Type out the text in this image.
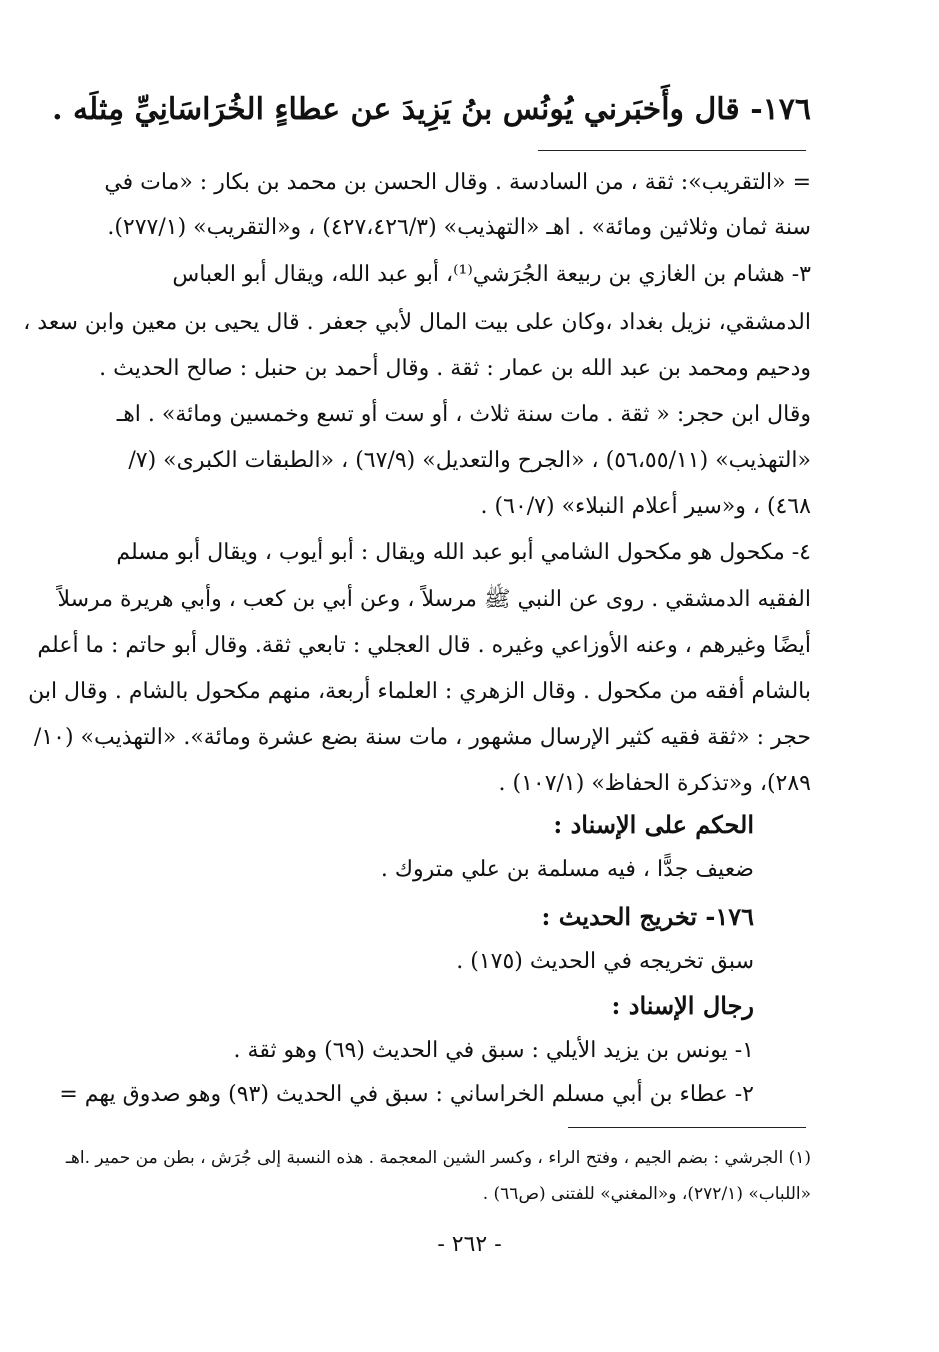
١٧٦- قال وأَخبَرني يُونُس بنُ يَزِيدَ عن عطاءٍ الخُرَاسَانِيِّ مِثلَه .
= «التقريب»: ثقة ، من السادسة . وقال الحسن بن محمد بن بكار : «مات في
سنة ثمان وثلاثين ومائة» . اهـ «التهذيب» (٤٢٧،٤٢٦/٣) ، و«التقريب» (٢٧٧/١).
٣- هشام بن الغازي بن ربيعة الجُرَشي⁽¹⁾، أبو عبد الله، ويقال أبو العباس
الدمشقي، نزيل بغداد ،وكان على بيت المال لأبي جعفر . قال يحيى بن معين وابن سعد ،
ودحيم ومحمد بن عبد الله بن عمار : ثقة . وقال أحمد بن حنبل : صالح الحديث .
وقال ابن حجر: « ثقة . مات سنة ثلاث ، أو ست أو تسع وخمسين ومائة» . اهـ
«التهذيب» (٥٦،٥٥/١١) ، «الجرح والتعديل» (٦٧/٩) ، «الطبقات الكبرى» (٧/
٤٦٨) ، و«سير أعلام النبلاء» (٦٠/٧) .
٤- مكحول هو مكحول الشامي أبو عبد الله ويقال : أبو أيوب ، ويقال أبو مسلم
الفقيه الدمشقي . روى عن النبي ﷺ مرسلاً ، وعن أبي بن كعب ، وأبي هريرة مرسلاً
أيضًا وغيرهم ، وعنه الأوزاعي وغيره . قال العجلي : تابعي ثقة. وقال أبو حاتم : ما أعلم
بالشام أفقه من مكحول . وقال الزهري : العلماء أربعة، منهم مكحول بالشام . وقال ابن
حجر : «ثقة فقيه كثير الإرسال مشهور ، مات سنة بضع عشرة ومائة». «التهذيب» (١٠/
٢٨٩)، و«تذكرة الحفاظ» (١٠٧/١) .
الحكم على الإسناد :
ضعيف جدًّا ، فيه مسلمة بن علي متروك .
١٧٦- تخريج الحديث :
سبق تخريجه في الحديث (١٧٥) .
رجال الإسناد :
١- يونس بن يزيد الأيلي : سبق في الحديث (٦٩) وهو ثقة .
٢- عطاء بن أبي مسلم الخراساني : سبق في الحديث (٩٣) وهو صدوق يهم =
(١) الجرشي : بضم الجيم ، وفتح الراء ، وكسر الشين المعجمة . هذه النسبة إلى جُرَش ، بطن من حمير .اهـ
«اللباب» (٢٧٢/١)، و«المغني» للفتنى (ص٦٦) .
- ٢٦٢ -
